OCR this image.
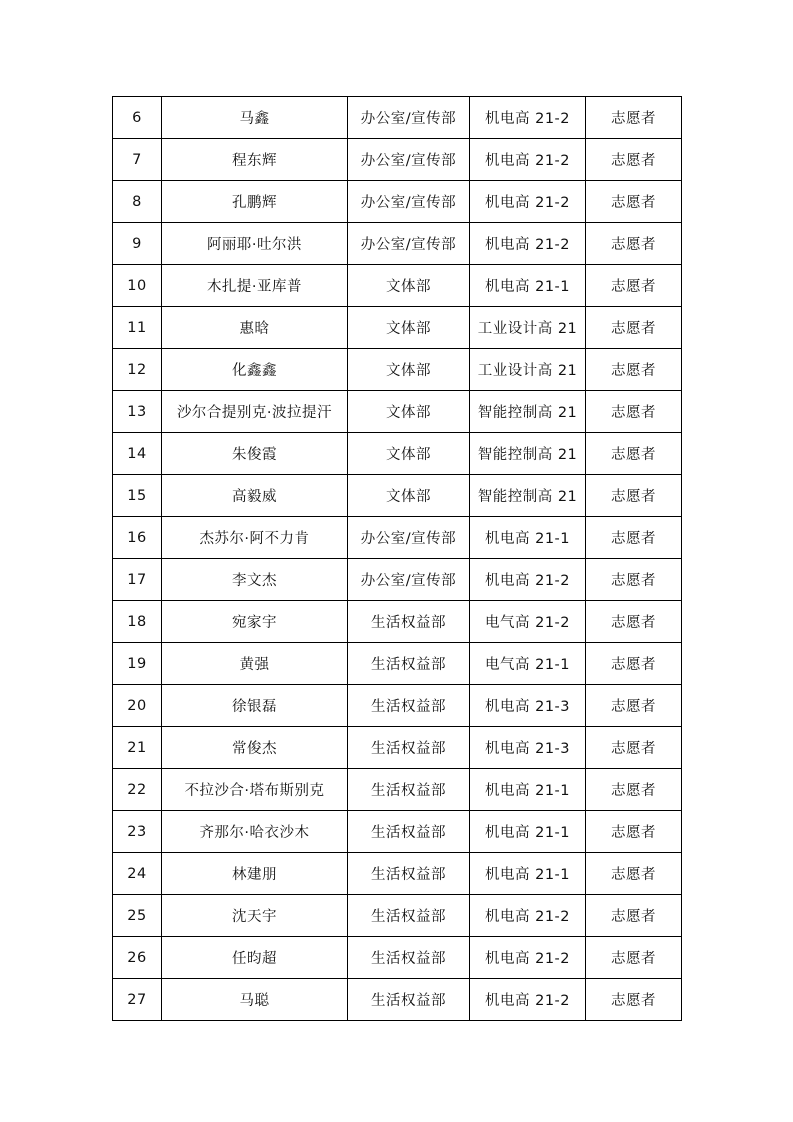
6	马鑫	办公室/宣传部	机电高 21-2	志愿者
7	程东辉	办公室/宣传部	机电高 21-2	志愿者
8	孔鹏辉	办公室/宣传部	机电高 21-2	志愿者
9	阿丽耶·吐尔洪	办公室/宣传部	机电高 21-2	志愿者
10	木扎提·亚库普	文体部	机电高 21-1	志愿者
11	惠晗	文体部	工业设计高 21	志愿者
12	化鑫鑫	文体部	工业设计高 21	志愿者
13	沙尔合提别克·波拉提汗	文体部	智能控制高 21	志愿者
14	朱俊霞	文体部	智能控制高 21	志愿者
15	高毅威	文体部	智能控制高 21	志愿者
16	杰苏尔·阿不力肯	办公室/宣传部	机电高 21-1	志愿者
17	李文杰	办公室/宣传部	机电高 21-2	志愿者
18	宛家宇	生活权益部	电气高 21-2	志愿者
19	黄强	生活权益部	电气高 21-1	志愿者
20	徐银磊	生活权益部	机电高 21-3	志愿者
21	常俊杰	生活权益部	机电高 21-3	志愿者
22	不拉沙合·塔布斯别克	生活权益部	机电高 21-1	志愿者
23	齐那尔·哈衣沙木	生活权益部	机电高 21-1	志愿者
24	林建朋	生活权益部	机电高 21-1	志愿者
25	沈天宇	生活权益部	机电高 21-2	志愿者
26	任昀超	生活权益部	机电高 21-2	志愿者
27	马聪	生活权益部	机电高 21-2	志愿者
